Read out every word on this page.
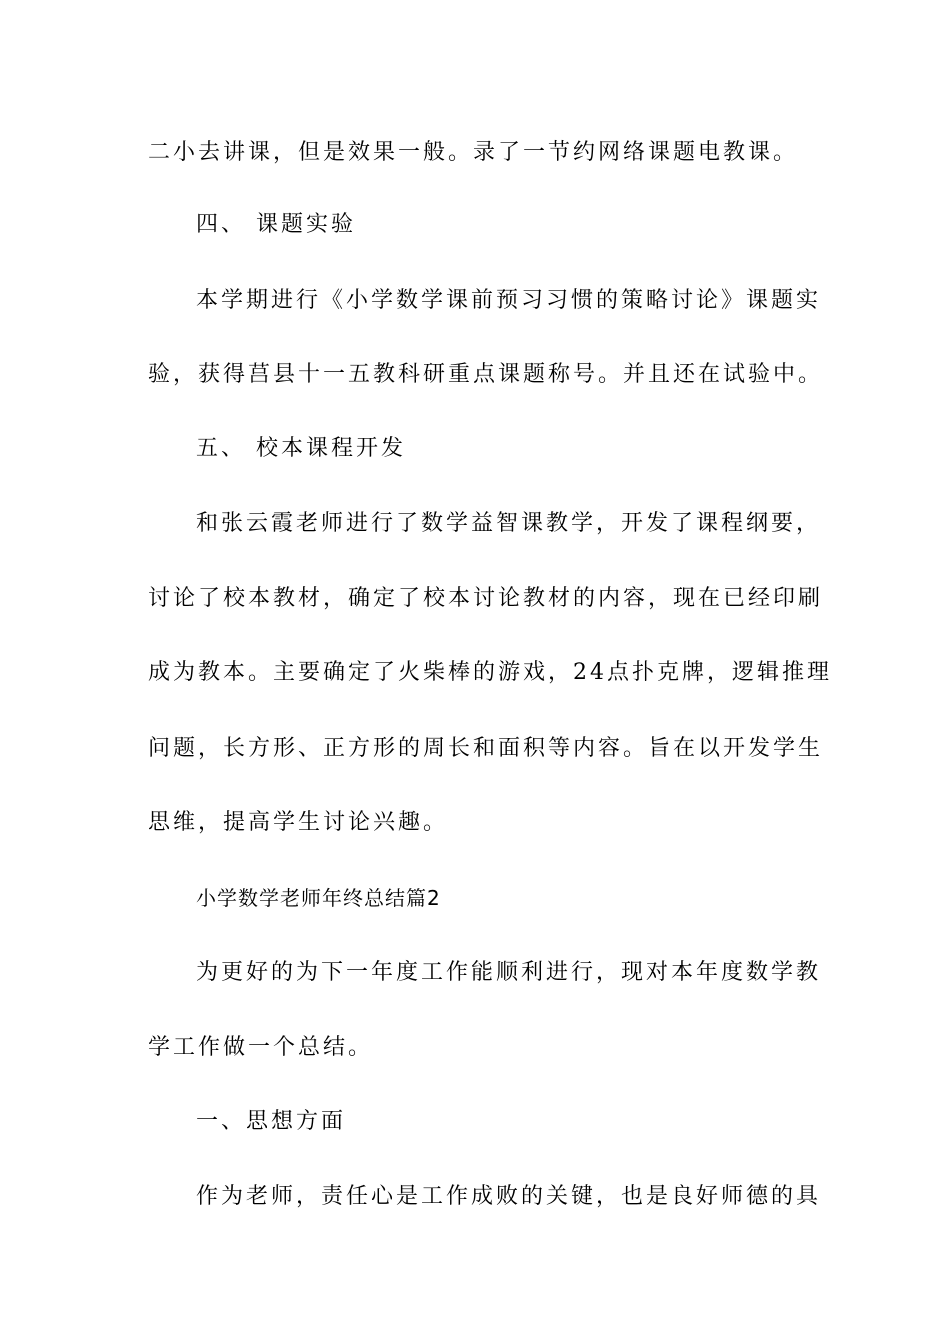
二小去讲课，但是效果一般。录了一节约网络课题电教课。
四、 课题实验
本学期进行《小学数学课前预习习惯的策略讨论》课题实
验，获得莒县十一五教科研重点课题称号。并且还在试验中。
五、 校本课程开发
和张云霞老师进行了数学益智课教学，开发了课程纲要，
讨论了校本教材，确定了校本讨论教材的内容，现在已经印刷
成为教本。主要确定了火柴棒的游戏，24点扑克牌，逻辑推理
问题，长方形、正方形的周长和面积等内容。旨在以开发学生
思维，提高学生讨论兴趣。
小学数学老师年终总结篇2
为更好的为下一年度工作能顺利进行，现对本年度数学教
学工作做一个总结。
一、思想方面
作为老师，责任心是工作成败的关键，也是良好师德的具
